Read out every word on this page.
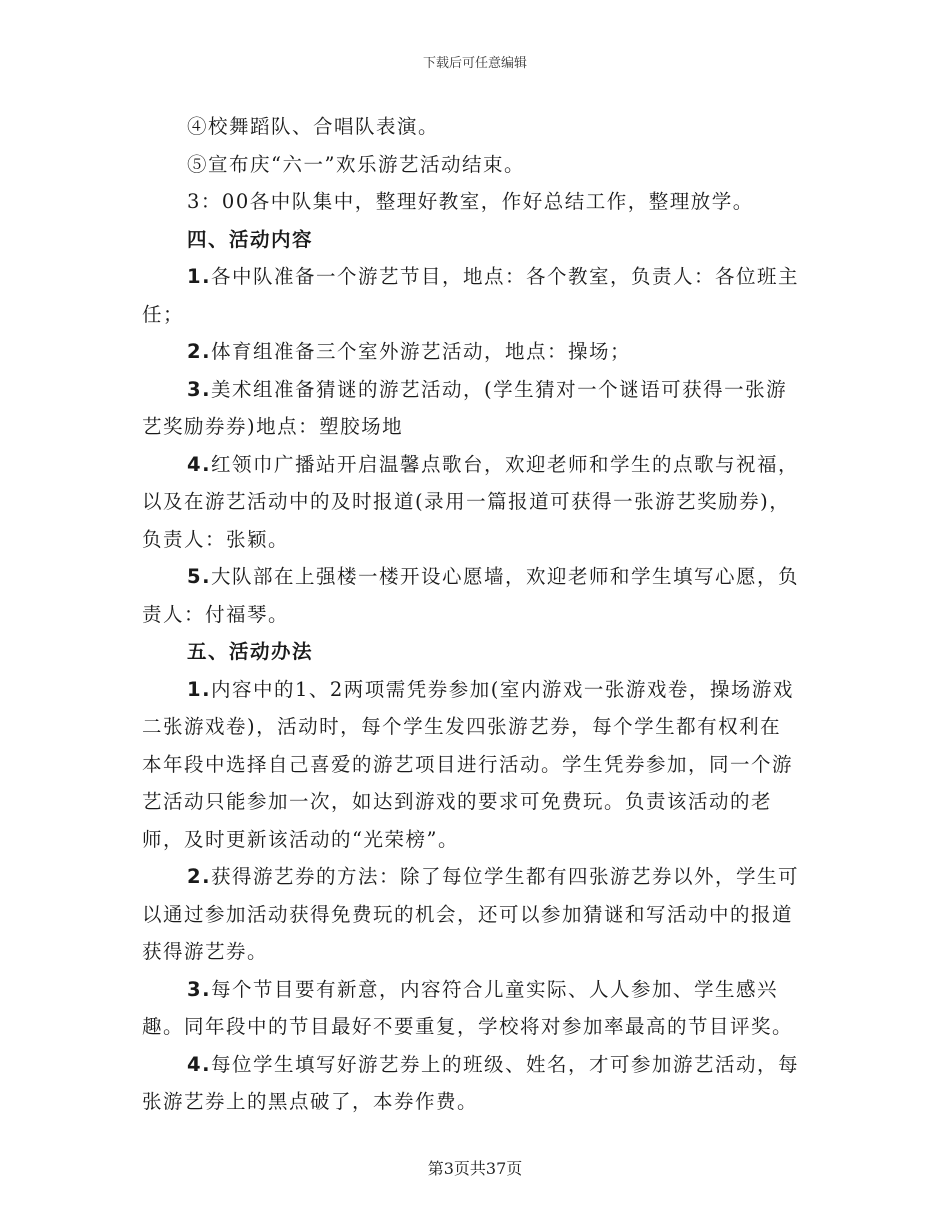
下载后可任意编辑

④校舞蹈队、合唱队表演。

⑤宣布庆“六一”欢乐游艺活动结束。

3：00各中队集中，整理好教室，作好总结工作，整理放学。

四、活动内容

1.各中队准备一个游艺节目，地点：各个教室，负责人：各位班主任；

2.体育组准备三个室外游艺活动，地点：操场；

3.美术组准备猜谜的游艺活动，(学生猜对一个谜语可获得一张游艺奖励券券)地点：塑胶场地

4.红领巾广播站开启温馨点歌台，欢迎老师和学生的点歌与祝福，以及在游艺活动中的及时报道(录用一篇报道可获得一张游艺奖励券)，负责人：张颖。

5.大队部在上强楼一楼开设心愿墙，欢迎老师和学生填写心愿，负责人：付福琴。

五、活动办法

1.内容中的1、2两项需凭券参加(室内游戏一张游戏卷，操场游戏二张游戏卷)，活动时，每个学生发四张游艺券，每个学生都有权利在本年段中选择自己喜爱的游艺项目进行活动。学生凭券参加，同一个游艺活动只能参加一次，如达到游戏的要求可免费玩。负责该活动的老师，及时更新该活动的“光荣榜”。

2.获得游艺券的方法：除了每位学生都有四张游艺券以外，学生可以通过参加活动获得免费玩的机会，还可以参加猜谜和写活动中的报道获得游艺券。

3.每个节目要有新意，内容符合儿童实际、人人参加、学生感兴趣。同年段中的节目最好不要重复，学校将对参加率最高的节目评奖。

4.每位学生填写好游艺券上的班级、姓名，才可参加游艺活动，每张游艺券上的黑点破了，本券作费。

第3页共37页
